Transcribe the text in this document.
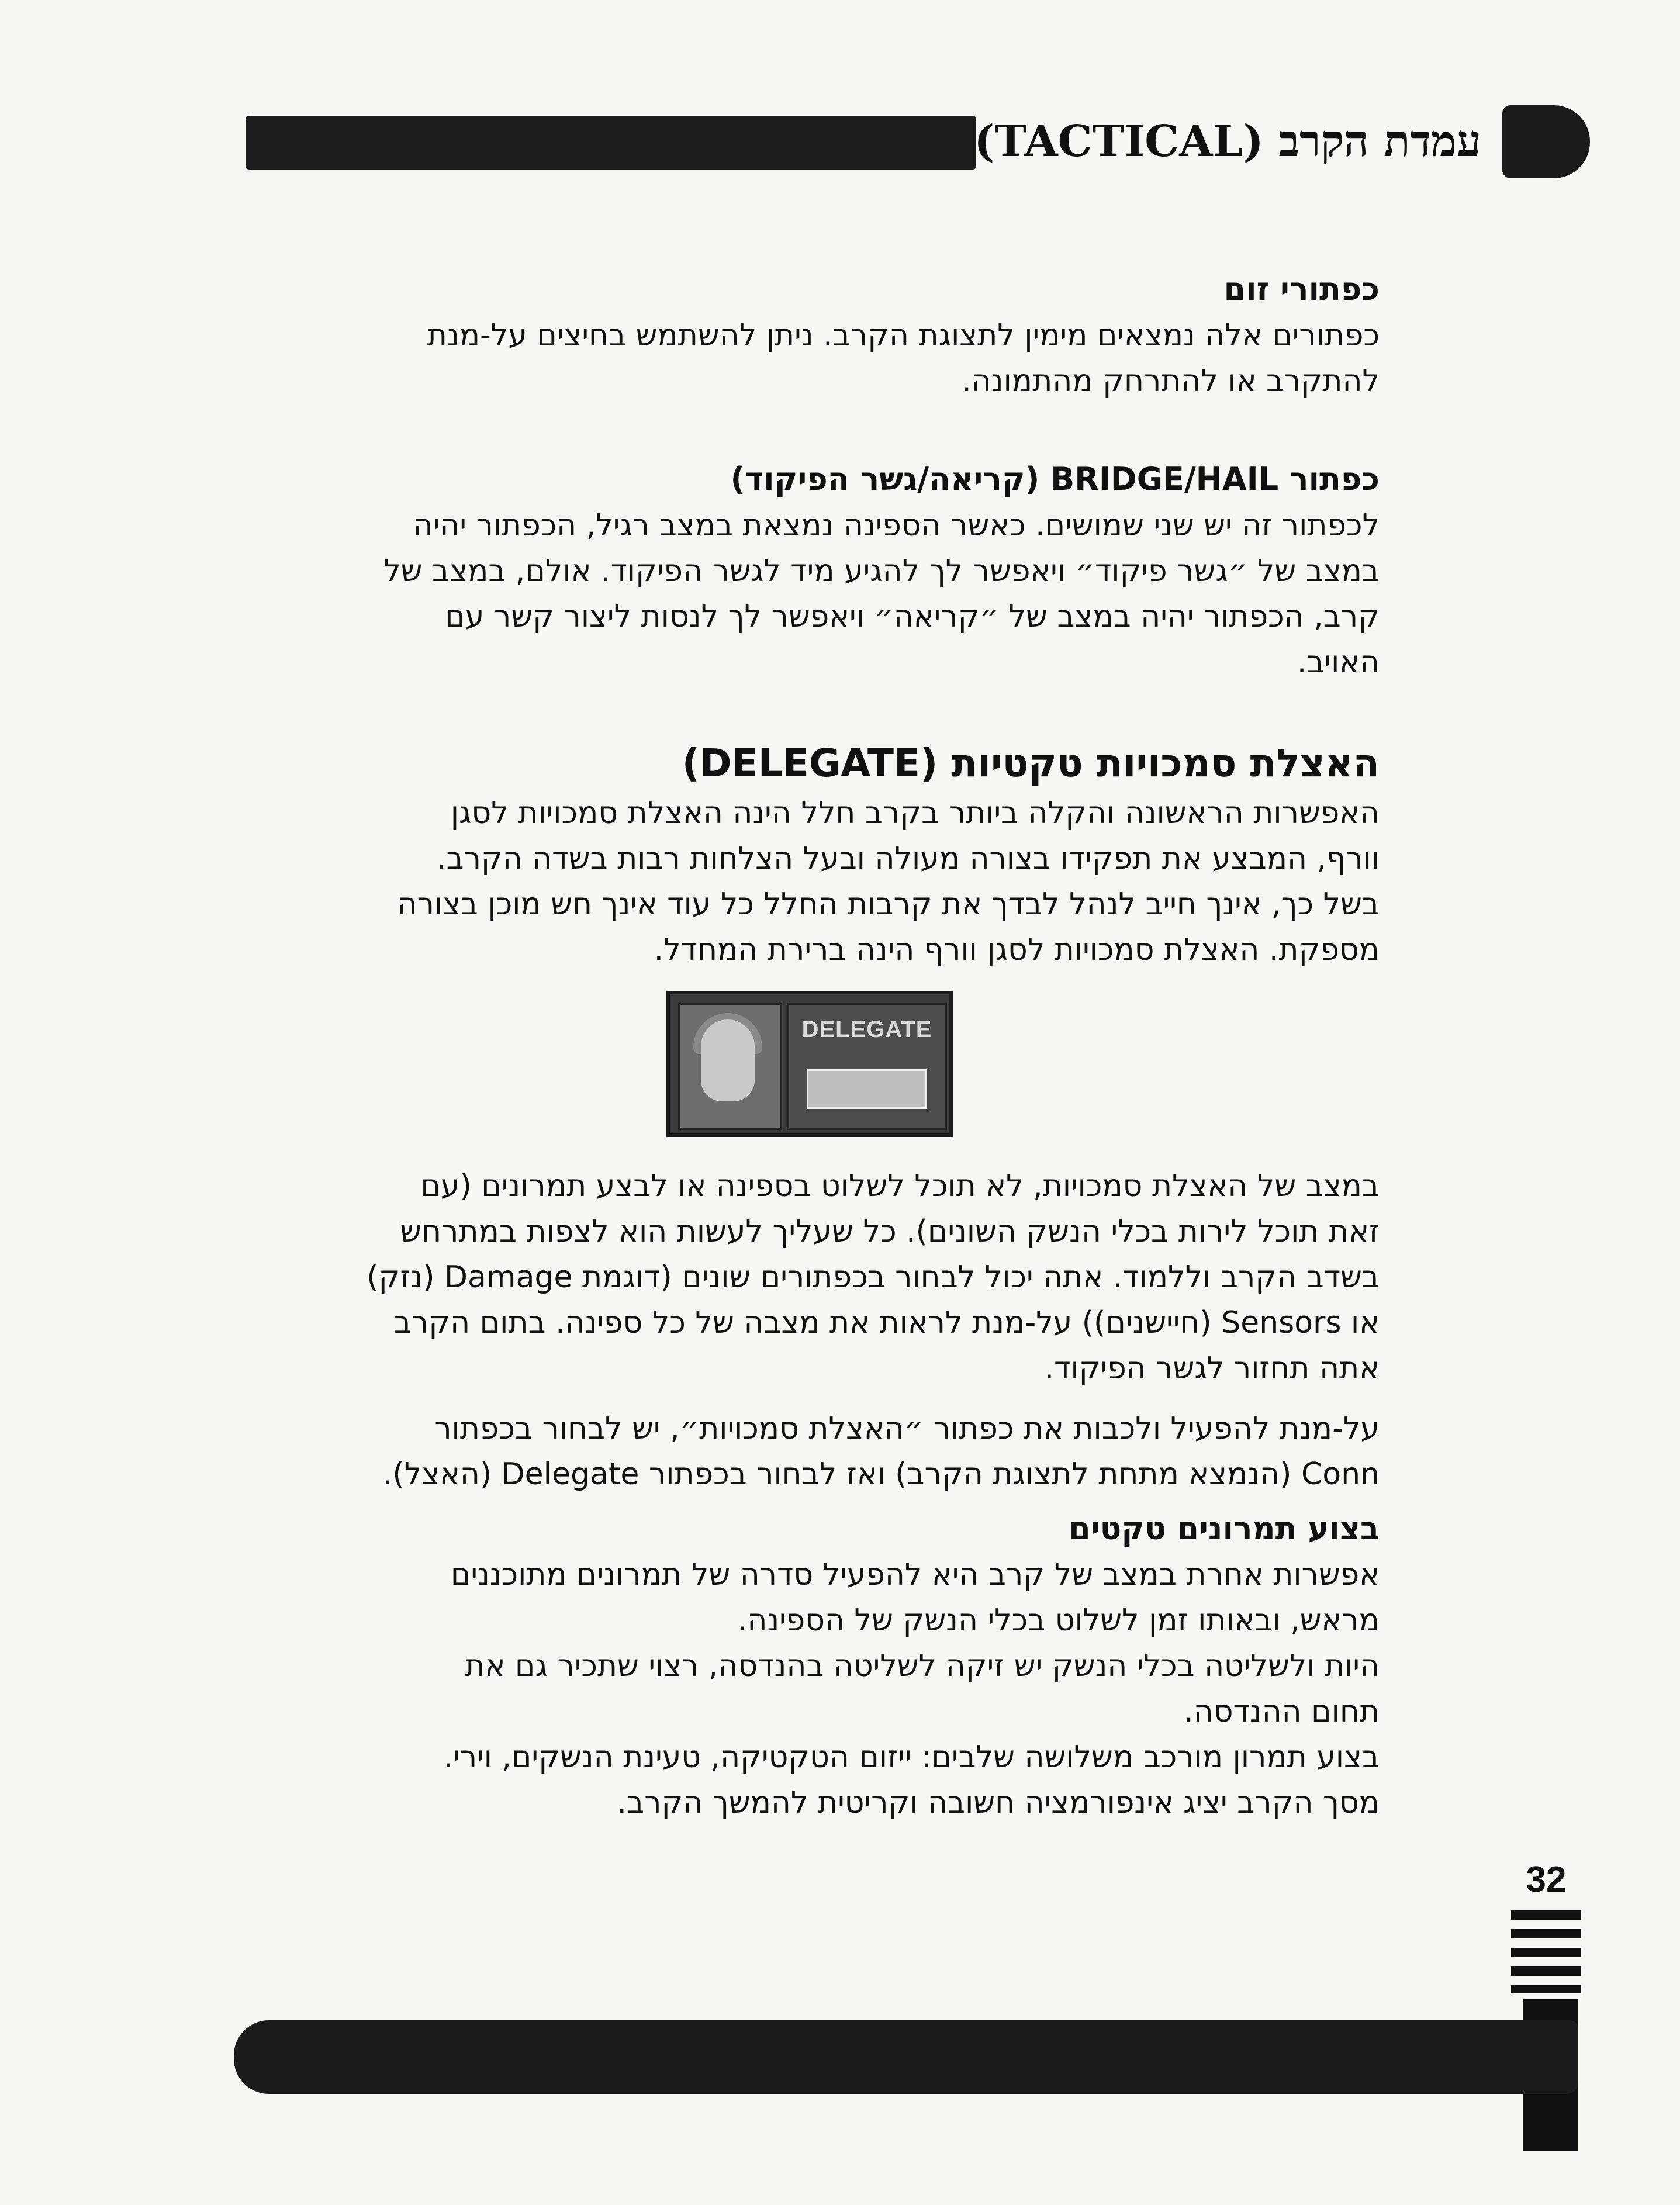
עמדת הקרב (TACTICAL)
כפתורי זום

כפתורים אלה נמצאים מימין לתצוגת הקרב. ניתן להשתמש בחיצים על-מנת

להתקרב או להתרחק מהתמונה.

כפתור BRIDGE/HAIL (קריאה/גשר הפיקוד)

לכפתור זה יש שני שמושים. כאשר הספינה נמצאת במצב רגיל, הכפתור יהיה

במצב של ״גשר פיקוד״ ויאפשר לך להגיע מיד לגשר הפיקוד. אולם, במצב של

קרב, הכפתור יהיה במצב של ״קריאה״ ויאפשר לך לנסות ליצור קשר עם

האויב.

האצלת סמכויות טקטיות (DELEGATE)

האפשרות הראשונה והקלה ביותר בקרב חלל הינה האצלת סמכויות לסגן

וורף, המבצע את תפקידו בצורה מעולה ובעל הצלחות רבות בשדה הקרב.

בשל כך, אינך חייב לנהל לבדך את קרבות החלל כל עוד אינך חש מוכן בצורה

מספקת. האצלת סמכויות לסגן וורף הינה ברירת המחדל.

DELEGATE

במצב של האצלת סמכויות, לא תוכל לשלוט בספינה או לבצע תמרונים (עם

זאת תוכל לירות בכלי הנשק השונים). כל שעליך לעשות הוא לצפות במתרחש

בשדב הקרב וללמוד. אתה יכול לבחור בכפתורים שונים (דוגמת Damage (נזק)

או Sensors (חיישנים)) על-מנת לראות את מצבה של כל ספינה. בתום הקרב

אתה תחזור לגשר הפיקוד.

על-מנת להפעיל ולכבות את כפתור ״האצלת סמכויות״, יש לבחור בכפתור

Conn (הנמצא מתחת לתצוגת הקרב) ואז לבחור בכפתור Delegate (האצל).

בצוע תמרונים טקטים

אפשרות אחרת במצב של קרב היא להפעיל סדרה של תמרונים מתוכננים

מראש, ובאותו זמן לשלוט בכלי הנשק של הספינה.

היות ולשליטה בכלי הנשק יש זיקה לשליטה בהנדסה, רצוי שתכיר גם את

תחום ההנדסה.

בצוע תמרון מורכב משלושה שלבים: ייזום הטקטיקה, טעינת הנשקים, וירי.

מסך הקרב יציג אינפורמציה חשובה וקריטית להמשך הקרב.

32
